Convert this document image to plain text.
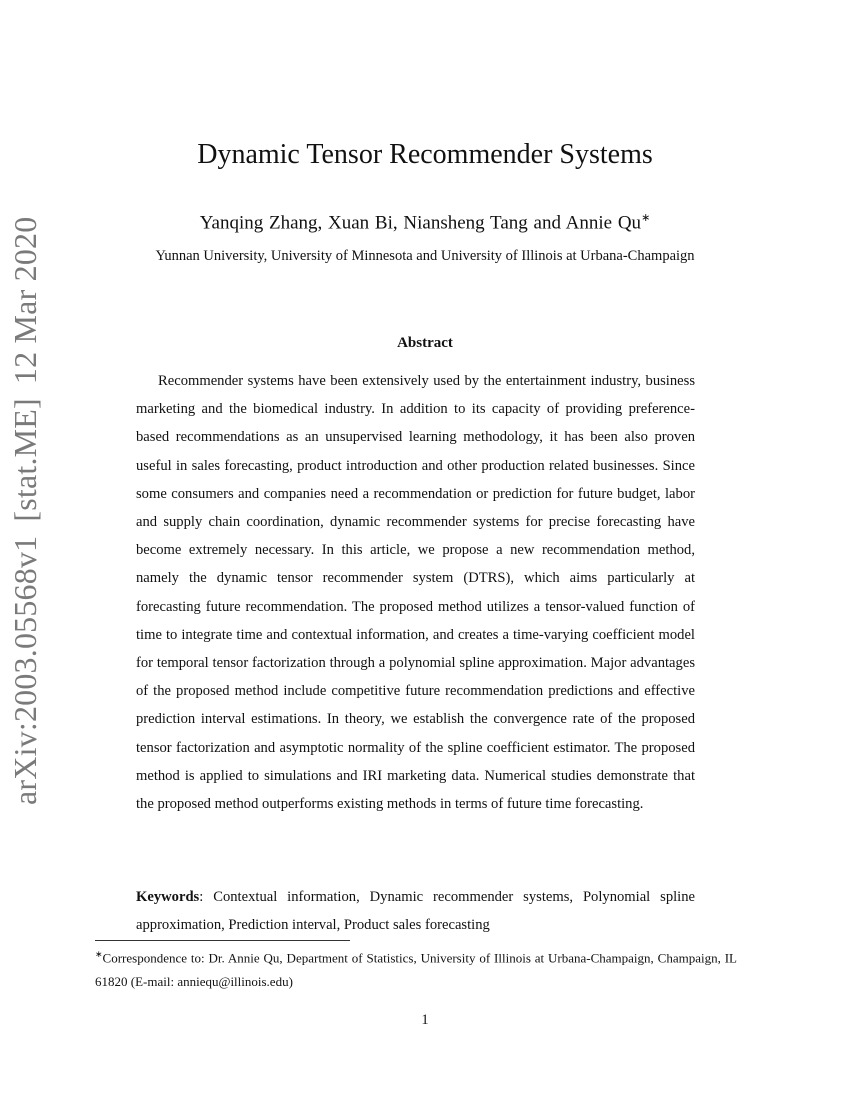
arXiv:2003.05568v1[stat.ME]12 Mar 2020
Dynamic Tensor Recommender Systems
Yanqing Zhang, Xuan Bi, Niansheng Tang and Annie Qu∗
Yunnan University, University of Minnesota and University of Illinois at Urbana-Champaign
Abstract

Recommender systems have been extensively used by the entertainment industry, business marketing and the biomedical industry. In addition to its capacity of providing preference-based recommendations as an unsupervised learning methodology, it has been also proven useful in sales forecasting, product introduction and other production related businesses. Since some consumers and companies need a recommendation or prediction for future budget, labor and supply chain coordination, dynamic recommender systems for precise forecasting have become extremely necessary. In this article, we propose a new recommendation method, namely the dynamic tensor recommender system (DTRS), which aims particularly at forecasting future recommendation. The proposed method utilizes a tensor-valued function of time to integrate time and contextual information, and creates a time-varying coefficient model for temporal tensor factorization through a polynomial spline approximation. Major advantages of the proposed method include competitive future recommendation predictions and effective prediction interval estimations. In theory, we establish the convergence rate of the proposed tensor factorization and asymptotic normality of the spline coefficient estimator. The proposed method is applied to simulations and IRI marketing data. Numerical studies demonstrate that the proposed method outperforms existing methods in terms of future time forecasting.

Keywords: Contextual information, Dynamic recommender systems, Polynomial spline approximation, Prediction interval, Product sales forecasting

∗Correspondence to: Dr. Annie Qu, Department of Statistics, University of Illinois at Urbana-Champaign, Champaign, IL 61820 (E-mail: anniequ@illinois.edu)

1
